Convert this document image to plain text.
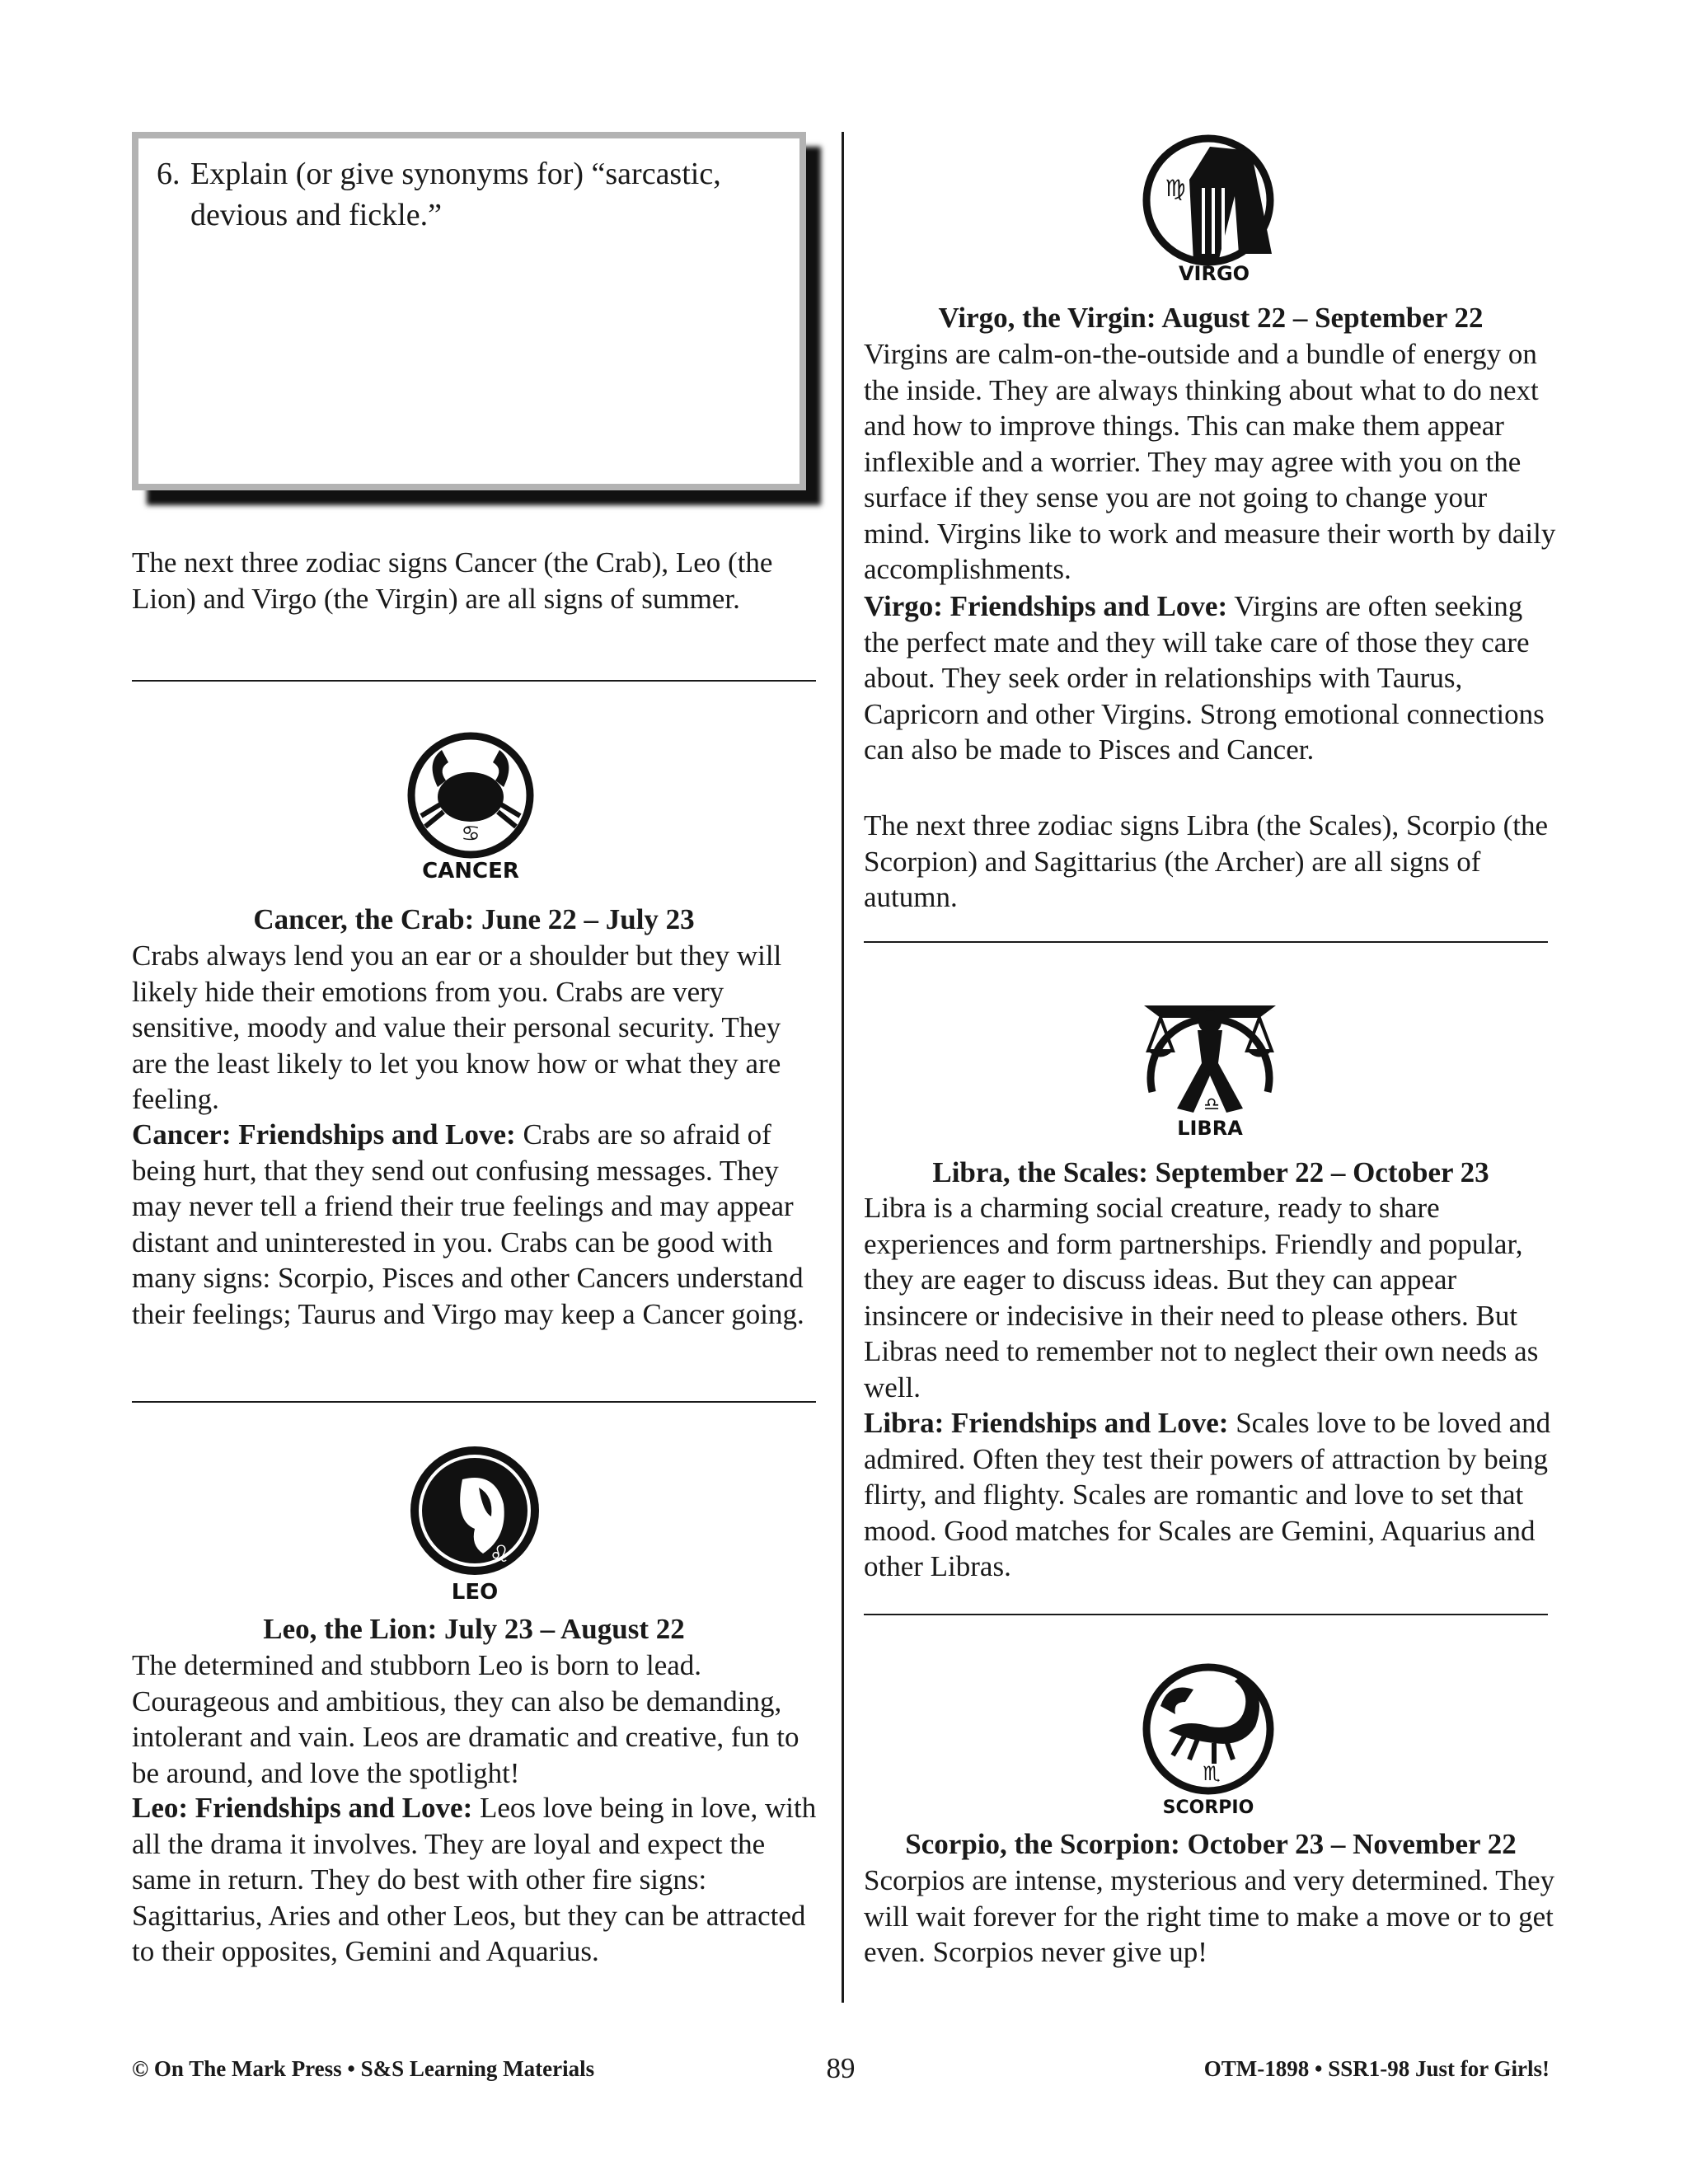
6. Explain (or give synonyms for) “sarcastic, devious and fickle.”

The next three zodiac signs Cancer (the Crab), Leo (the Lion) and Virgo (the Virgin) are all signs of summer.

♋
CANCER
Cancer, the Crab: June 22 – July 23

Crabs always lend you an ear or a shoulder but they will likely hide their emotions from you. Crabs are very sensitive, moody and value their personal security. They are the least likely to let you know how or what they are feeling.

Cancer: Friendships and Love: Crabs are so afraid of being hurt, that they send out confusing messages. They may never tell a friend their true feelings and may appear distant and uninterested in you. Crabs can be good with many signs: Scorpio, Pisces and other Cancers understand their feelings; Taurus and Virgo may keep a Cancer going.

♌
LEO
Leo, the Lion: July 23 – August 22

The determined and stubborn Leo is born to lead. Courageous and ambitious, they can also be demanding, intolerant and vain. Leos are dramatic and creative, fun to be around, and love the spotlight!

Leo: Friendships and Love: Leos love being in love, with all the drama it involves. They are loyal and expect the same in return. They do best with other fire signs: Sagittarius, Aries and other Leos, but they can be attracted to their opposites, Gemini and Aquarius.

♍
VIRGO
Virgo, the Virgin: August 22 – September 22

Virgins are calm-on-the-outside and a bundle of energy on the inside. They are always thinking about what to do next and how to improve things. This can make them appear inflexible and a worrier. They may agree with you on the surface if they sense you are not going to change your mind. Virgins like to work and measure their worth by daily accomplishments.

Virgo: Friendships and Love: Virgins are often seeking the perfect mate and they will take care of those they care about. They seek order in relationships with Taurus, Capricorn and other Virgins. Strong emotional connections can also be made to Pisces and Cancer.

The next three zodiac signs Libra (the Scales), Scorpio (the Scorpion) and Sagittarius (the Archer) are all signs of autumn.

♎
LIBRA
Libra, the Scales: September 22 – October 23

Libra is a charming social creature, ready to share experiences and form partnerships. Friendly and popular, they are eager to discuss ideas. But they can appear insincere or indecisive in their need to please others. But Libras need to remember not to neglect their own needs as well.

Libra: Friendships and Love: Scales love to be loved and admired. Often they test their powers of attraction by being flirty, and flighty. Scales are romantic and love to set that mood. Good matches for Scales are Gemini, Aquarius and other Libras.

♏
SCORPIO
Scorpio, the Scorpion: October 23 – November 22

Scorpios are intense, mysterious and very determined. They will wait forever for the right time to make a move or to get even. Scorpios never give up!

© On The Mark Press • S&S Learning Materials	89	OTM-1898 • SSR1-98 Just for Girls!
